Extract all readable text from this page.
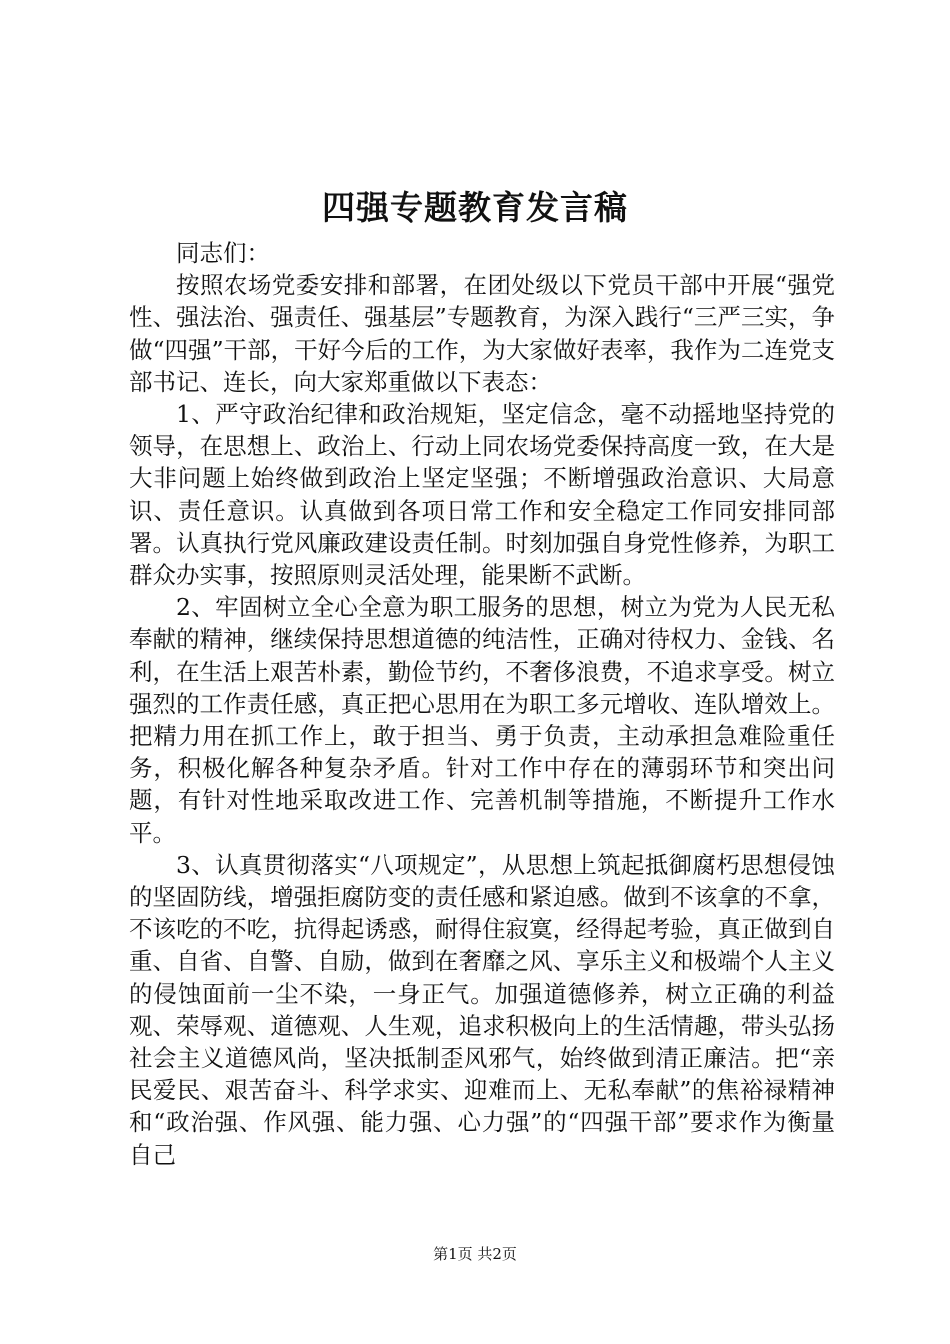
四强专题教育发言稿

同志们：

按照农场党委安排和部署，在团处级以下党员干部中开展“强党性、强法治、强责任、强基层”专题教育，为深入践行“三严三实，争做“四强”干部，干好今后的工作，为大家做好表率，我作为二连党支部书记、连长，向大家郑重做以下表态：

1、严守政治纪律和政治规矩，坚定信念，毫不动摇地坚持党的领导，在思想上、政治上、行动上同农场党委保持高度一致，在大是大非问题上始终做到政治上坚定坚强；不断增强政治意识、大局意识、责任意识。认真做到各项日常工作和安全稳定工作同安排同部署。认真执行党风廉政建设责任制。时刻加强自身党性修养，为职工群众办实事，按照原则灵活处理，能果断不武断。

2、牢固树立全心全意为职工服务的思想，树立为党为人民无私奉献的精神，继续保持思想道德的纯洁性，正确对待权力、金钱、名利，在生活上艰苦朴素，勤俭节约，不奢侈浪费，不追求享受。树立强烈的工作责任感，真正把心思用在为职工多元增收、连队增效上。把精力用在抓工作上，敢于担当、勇于负责，主动承担急难险重任务，积极化解各种复杂矛盾。针对工作中存在的薄弱环节和突出问题，有针对性地采取改进工作、完善机制等措施，不断提升工作水平。

3、认真贯彻落实“八项规定”，从思想上筑起抵御腐朽思想侵蚀的坚固防线，增强拒腐防变的责任感和紧迫感。做到不该拿的不拿，不该吃的不吃，抗得起诱惑，耐得住寂寞，经得起考验，真正做到自重、自省、自警、自励，做到在奢靡之风、享乐主义和极端个人主义的侵蚀面前一尘不染，一身正气。加强道德修养，树立正确的利益观、荣辱观、道德观、人生观，追求积极向上的生活情趣，带头弘扬社会主义道德风尚，坚决抵制歪风邪气，始终做到清正廉洁。把“亲民爱民、艰苦奋斗、科学求实、迎难而上、无私奉献”的焦裕禄精神和“政治强、作风强、能力强、心力强”的“四强干部”要求作为衡量自己

第1页 共2页
